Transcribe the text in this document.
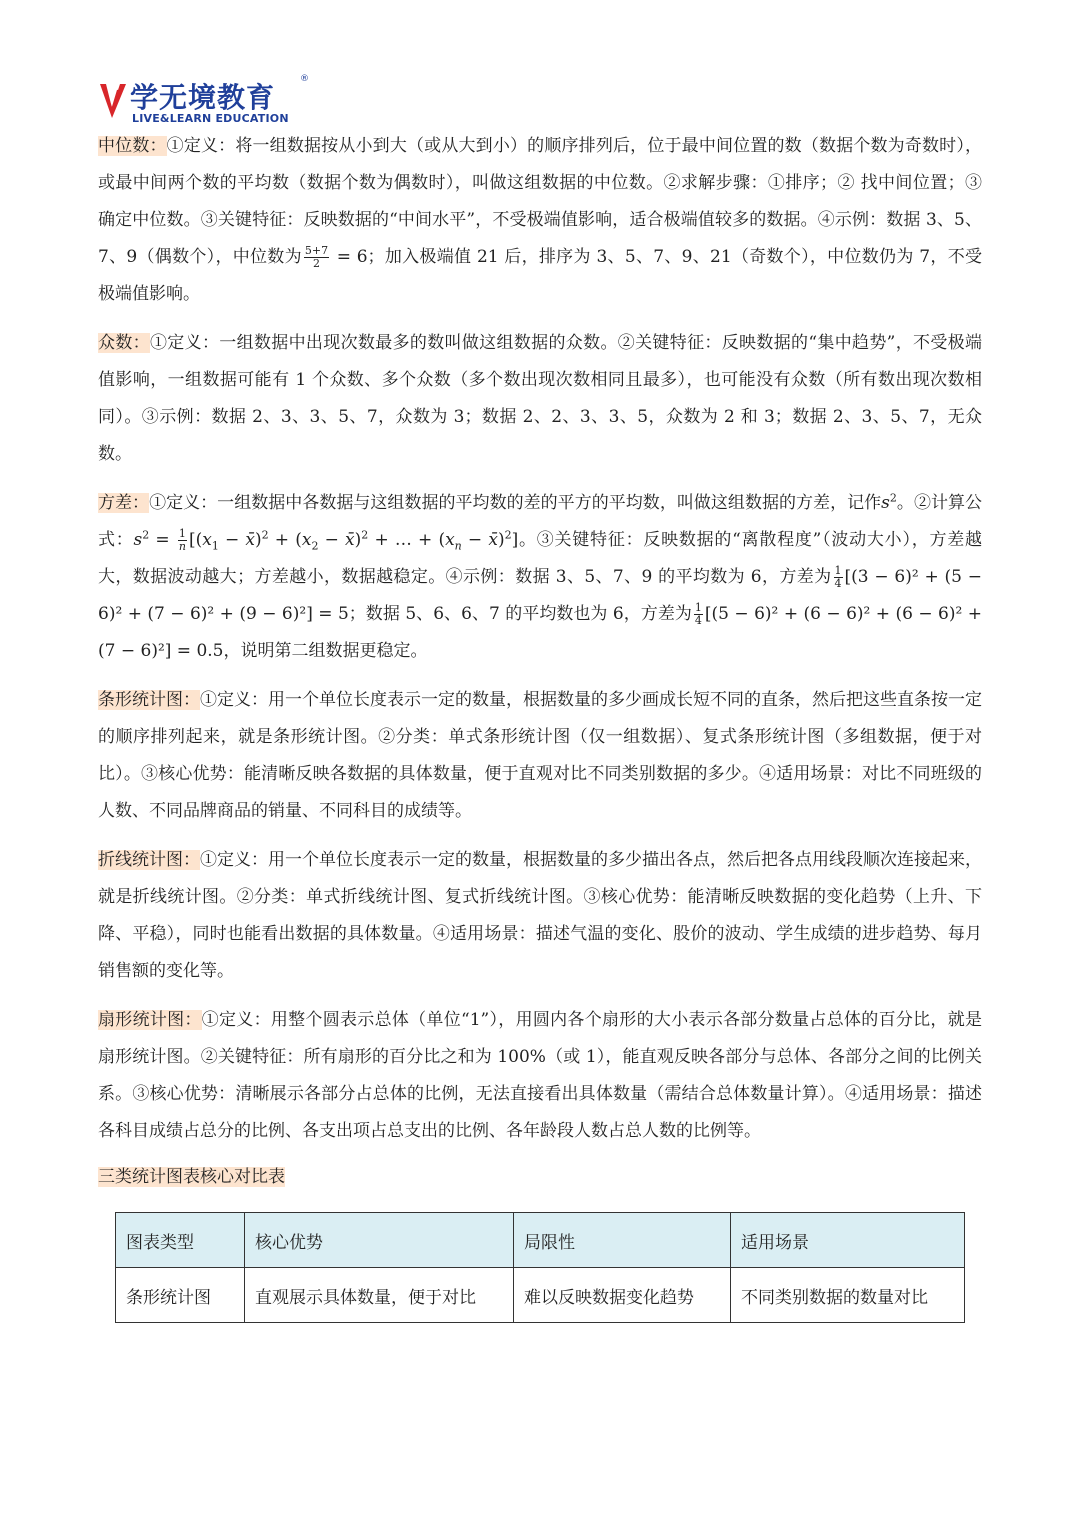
学无境教育
®
LIVE&LEARN EDUCATION

中位数：①定义：将一组数据按从小到大（或从大到小）的顺序排列后，位于最中间位置的数（数据个数为奇数时），或最中间两个数的平均数（数据个数为偶数时），叫做这组数据的中位数。②求解步骤：①排序；② 找中间位置；③ 确定中位数。③关键特征：反映数据的“中间水平”，不受极端值影响，适合极端值较多的数据。④示例：数据 3、5、7、9（偶数个），中位数为 $\frac{5+7}{2} = 6$；加入极端值 21 后，排序为 3、5、7、9、21（奇数个），中位数仍为 7，不受极端值影响。

众数：①定义：一组数据中出现次数最多的数叫做这组数据的众数。②关键特征：反映数据的“集中趋势”，不受极端值影响，一组数据可能有 1 个众数、多个众数（多个数出现次数相同且最多），也可能没有众数（所有数出现次数相同）。③示例：数据 2、3、3、5、7，众数为 3；数据 2、2、3、3、5，众数为 2 和 3；数据 2、3、5、7，无众数。

方差：①定义：一组数据中各数据与这组数据的平均数的差的平方的平均数，叫做这组数据的方差，记作$s^2$。②计算公式：$s^2 = \frac{1}{n} [(x_1$ − x̄)$^2$ + ($x_2$ − x̄)$^2$ + … + ($x_n$ − x̄)$^2$]。③关键特征：反映数据的“离散程度”（波动大小），方差越大，数据波动越大；方差越小，数据越稳定。④示例：数据 3、5、7、9 的平均数为 6，方差为 $\frac{1}{4} [(3 - 6)^2 + (5 - 6)^2 + (7 - 6)^2 + (9 - 6)^2] = 5$；数据 5、6、6、7 的平均数也为 6，方差为 $\frac{1}{4} [(5 - 6)^2 + (6 - 6)^2 + (6 - 6)^2 + (7 - 6)^2] = 0.5$，说明第二组数据更稳定。

条形统计图：①定义：用一个单位长度表示一定的数量，根据数量的多少画成长短不同的直条，然后把这些直条按一定的顺序排列起来，就是条形统计图。②分类：单式条形统计图（仅一组数据）、复式条形统计图（多组数据，便于对比）。③核心优势：能清晰反映各数据的具体数量，便于直观对比不同类别数据的多少。④适用场景：对比不同班级的人数、不同品牌商品的销量、不同科目的成绩等。

折线统计图：①定义：用一个单位长度表示一定的数量，根据数量的多少描出各点，然后把各点用线段顺次连接起来，就是折线统计图。②分类：单式折线统计图、复式折线统计图。③核心优势：能清晰反映数据的变化趋势（上升、下降、平稳），同时也能看出数据的具体数量。④适用场景：描述气温的变化、股价的波动、学生成绩的进步趋势、每月销售额的变化等。

扇形统计图：①定义：用整个圆表示总体（单位“1”），用圆内各个扇形的大小表示各部分数量占总体的百分比，就是扇形统计图。②关键特征：所有扇形的百分比之和为 100%（或 1），能直观反映各部分与总体、各部分之间的比例关系。③核心优势：清晰展示各部分占总体的比例，无法直接看出具体数量（需结合总体数量计算）。④适用场景：描述各科目成绩占总分的比例、各支出项占总支出的比例、各年龄段人数占总人数的比例等。

三类统计图表核心对比表
图表类型	核心优势	局限性	适用场景
条形统计图	直观展示具体数量，便于对比	难以反映数据变化趋势	不同类别数据的数量对比
